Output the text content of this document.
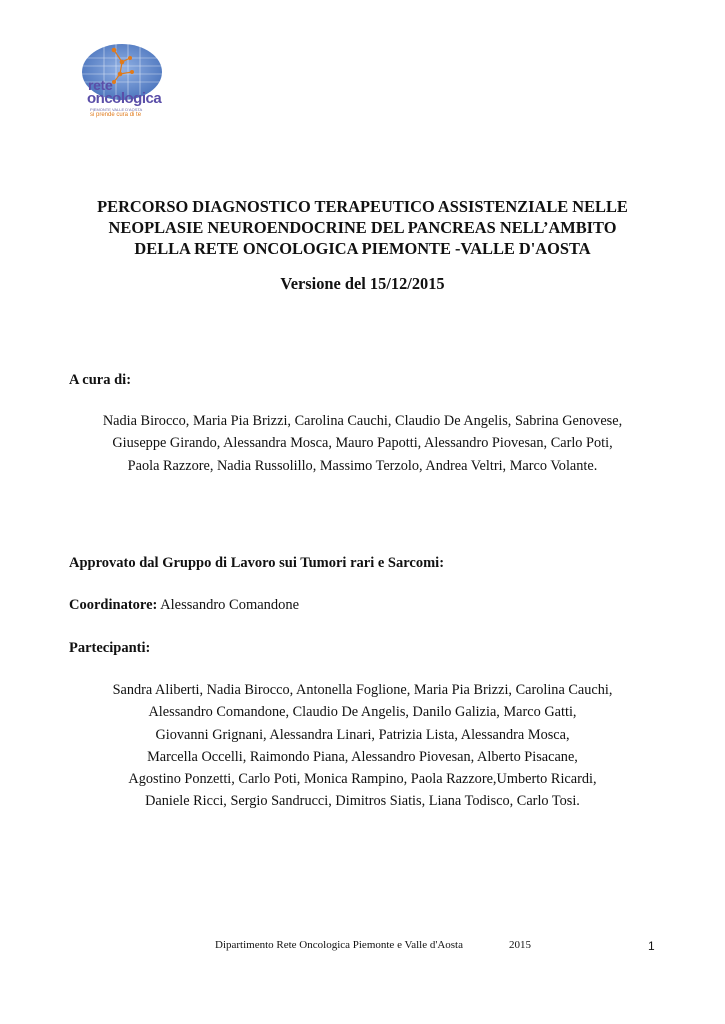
rete
oncologica
PIEMONTE VALLE D'AOSTA
si prende cura di te
PERCORSO DIAGNOSTICO TERAPEUTICO ASSISTENZIALE NELLE
NEOPLASIE NEUROENDOCRINE DEL PANCREAS NELL’AMBITO
DELLA RETE ONCOLOGICA PIEMONTE -VALLE D'AOSTA
Versione del 15/12/2015
A cura di:
Nadia Birocco, Maria Pia Brizzi, Carolina Cauchi, Claudio De Angelis, Sabrina Genovese,
Giuseppe Girando, Alessandra Mosca, Mauro Papotti, Alessandro Piovesan, Carlo Poti,
Paola Razzore, Nadia Russolillo, Massimo Terzolo, Andrea Veltri, Marco Volante.
Approvato dal Gruppo di Lavoro sui Tumori rari e Sarcomi:
Coordinatore: Alessandro Comandone
Partecipanti:
Sandra Aliberti, Nadia Birocco, Antonella Foglione, Maria Pia Brizzi, Carolina Cauchi,
Alessandro Comandone, Claudio De Angelis, Danilo Galizia, Marco Gatti,
Giovanni Grignani, Alessandra Linari, Patrizia Lista, Alessandra Mosca,
Marcella Occelli, Raimondo Piana, Alessandro Piovesan, Alberto Pisacane,
Agostino Ponzetti, Carlo Poti, Monica Rampino, Paola Razzore,Umberto Ricardi,
Daniele Ricci, Sergio Sandrucci, Dimitros Siatis, Liana Todisco, Carlo Tosi.
Dipartimento Rete Oncologica Piemonte e Valle d'Aosta	2015	1
